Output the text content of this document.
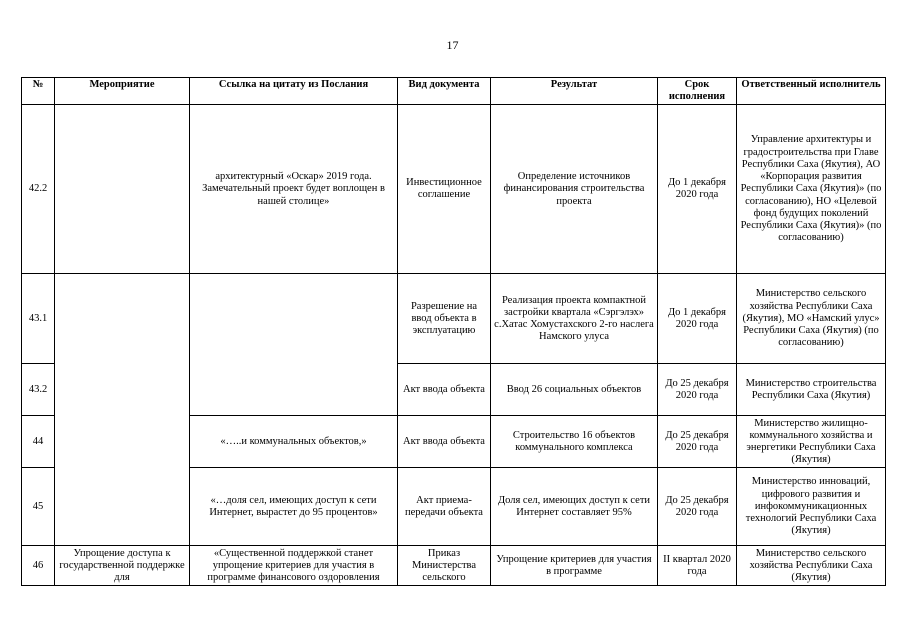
17
№	Мероприятие	Ссылка на цитату из Послания	Вид документа	Результат	Срок исполнения	Ответственный исполнитель
42.2		архитектурный «Оскар» 2019 года. Замечательный проект будет воплощен в нашей столице»	Инвестиционное соглашение	Определение источников финансирования строительства проекта	До 1 декабря 2020 года	Управление архитектуры и градостроительства при Главе Республики Саха (Якутия), АО «Корпорация развития Республики Саха (Якутия)» (по согласованию), НО «Целевой фонд будущих поколений Республики Саха (Якутия)» (по согласованию)
43.1			Разрешение на ввод объекта в эксплуатацию	Реализация проекта компактной застройки квартала «Сэргэлэх» с.Хатас Хомустахского 2-го наслега Намского улуса	До 1 декабря 2020 года	Министерство сельского хозяйства Республики Саха (Якутия), МО «Намский улус» Республики Саха (Якутия) (по согласованию)
43.2			Акт ввода объекта	Ввод 26 социальных объектов	До 25 декабря 2020 года	Министерство строительства Республики Саха (Якутия)
44		«…..и коммунальных объектов,»	Акт ввода объекта	Строительство 16 объектов коммунального комплекса	До 25 декабря 2020 года	Министерство жилищно-коммунального хозяйства и энергетики Республики Саха (Якутия)
45		«…доля сел, имеющих доступ к сети Интернет, вырастет до 95 процентов»	Акт приема-передачи объекта	Доля сел, имеющих доступ к сети Интернет составляет 95%	До 25 декабря 2020 года	Министерство инноваций, цифрового развития и инфокоммуникационных технологий Республики Саха (Якутия)
46	Упрощение доступа к государственной поддержке для	«Существенной поддержкой станет упрощение критериев для участия в программе финансового оздоровления	Приказ Министерства сельского	Упрощение критериев для участия в программе	II квартал 2020 года	Министерство сельского хозяйства Республики Саха (Якутия)
